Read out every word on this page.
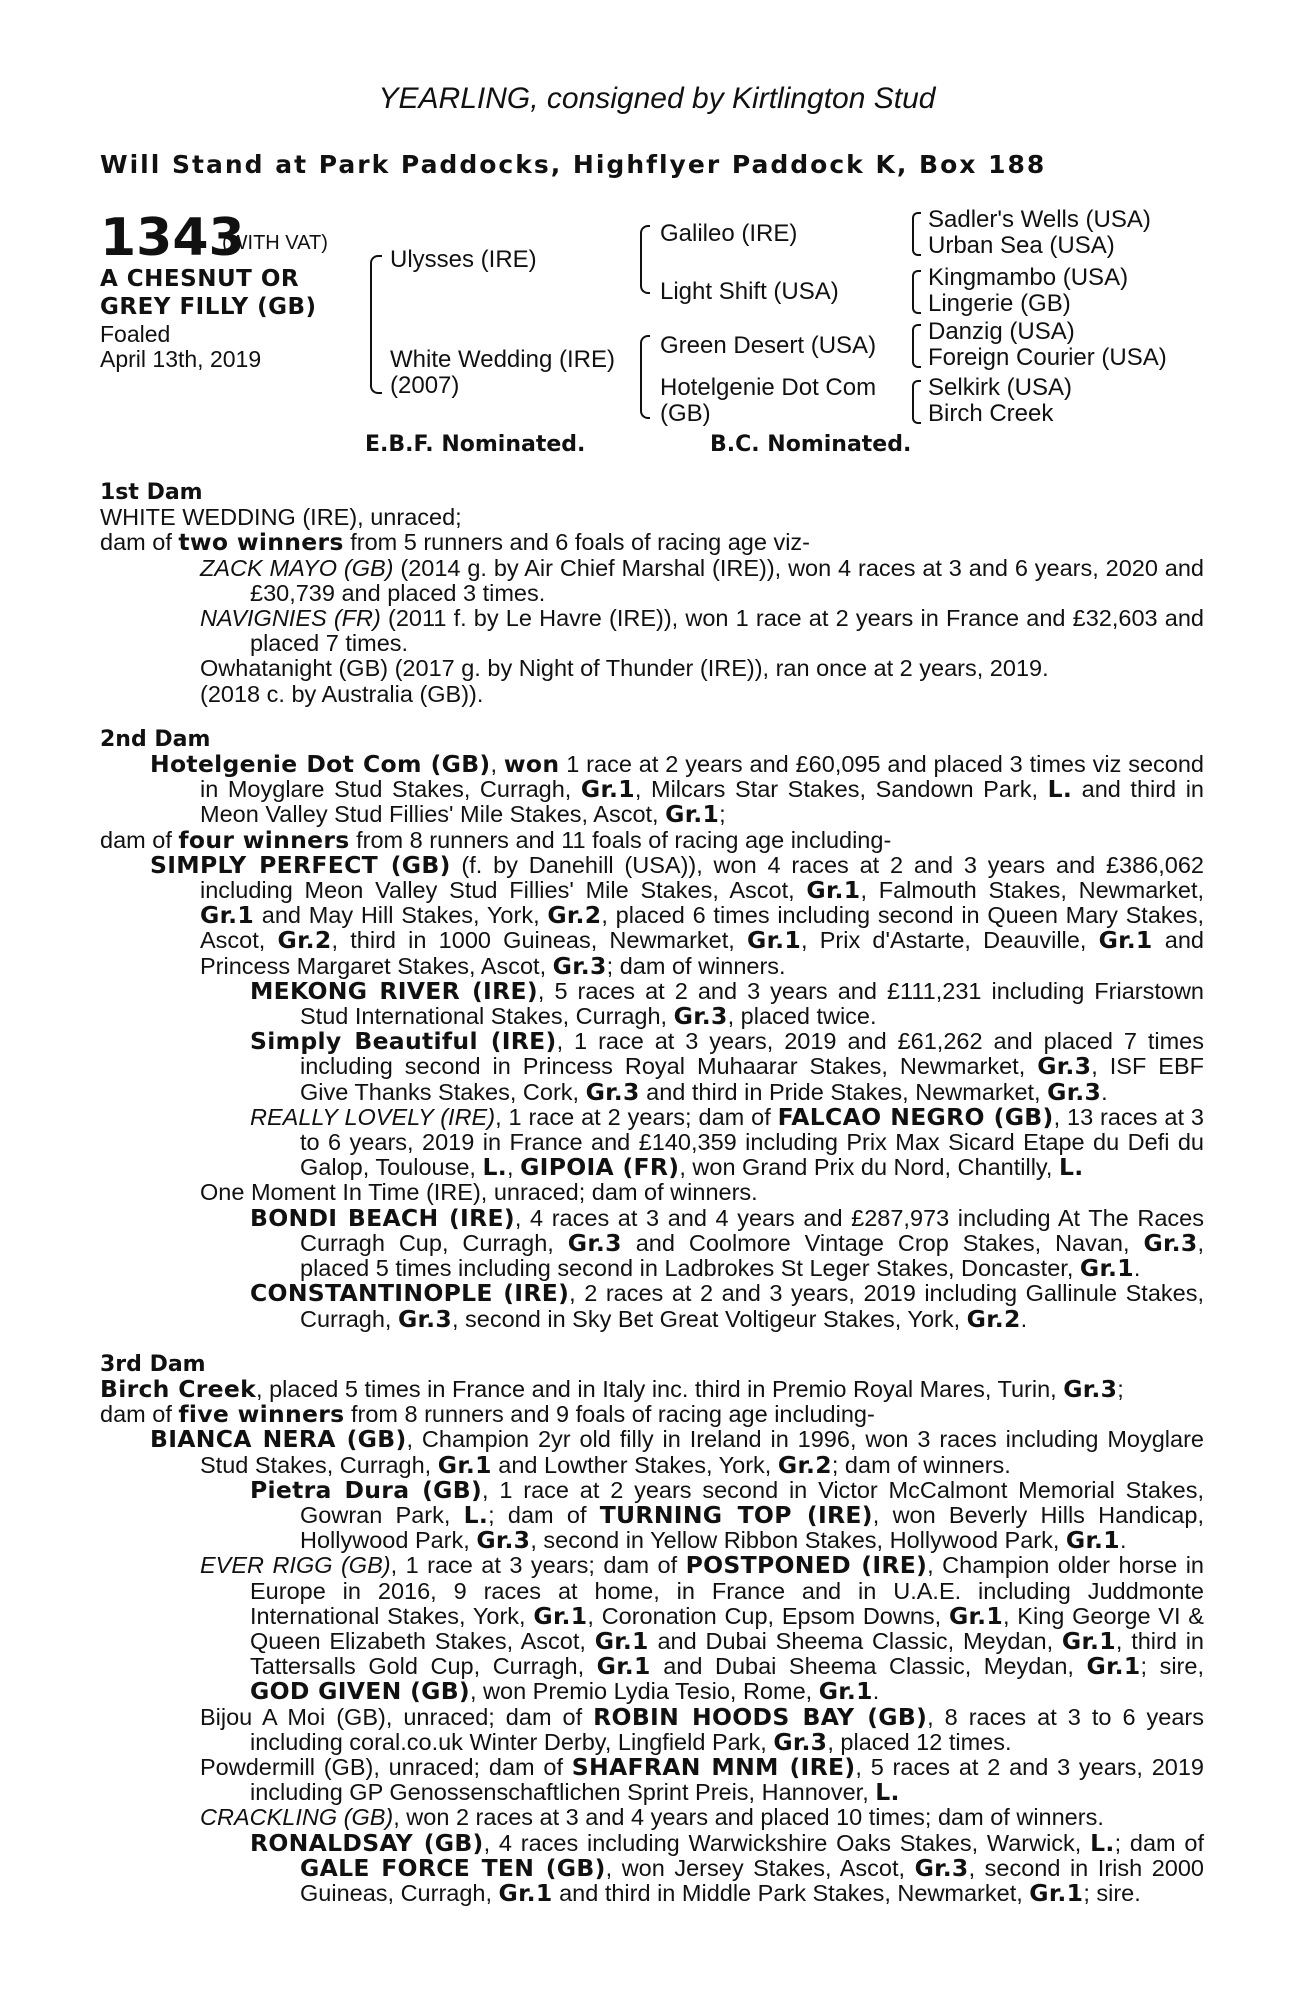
YEARLING, consigned by Kirtlington Stud
Will Stand at Park Paddocks, Highflyer Paddock K, Box 188
1343
(WITH VAT)
A CHESNUT OR
GREY FILLY (GB)
Foaled
April 13th, 2019
Ulysses (IRE)
White Wedding (IRE)
(2007)
Galileo (IRE)
Light Shift (USA)
Green Desert (USA)
Hotelgenie Dot Com
(GB)
Sadler's Wells (USA)
Urban Sea (USA)
Kingmambo (USA)
Lingerie (GB)
Danzig (USA)
Foreign Courier (USA)
Selkirk (USA)
Birch Creek
E.B.F. Nominated.	B.C. Nominated.

1st Dam

WHITE WEDDING (IRE), unraced;

dam of two winners from 5 runners and 6 foals of racing age viz-

ZACK MAYO (GB) (2014 g. by Air Chief Marshal (IRE)), won 4 races at 3 and 6 years, 2020 and £30,739 and placed 3 times.

NAVIGNIES (FR) (2011 f. by Le Havre (IRE)), won 1 race at 2 years in France and £32,603 and placed 7 times.

Owhatanight (GB) (2017 g. by Night of Thunder (IRE)), ran once at 2 years, 2019.

(2018 c. by Australia (GB)).

2nd Dam

Hotelgenie Dot Com (GB), won 1 race at 2 years and £60,095 and placed 3 times viz second in Moyglare Stud Stakes, Curragh, Gr.1, Milcars Star Stakes, Sandown Park, L. and third in Meon Valley Stud Fillies' Mile Stakes, Ascot, Gr.1;

dam of four winners from 8 runners and 11 foals of racing age including-

SIMPLY PERFECT (GB) (f. by Danehill (USA)), won 4 races at 2 and 3 years and £386,062 including Meon Valley Stud Fillies' Mile Stakes, Ascot, Gr.1, Falmouth Stakes, Newmarket, Gr.1 and May Hill Stakes, York, Gr.2, placed 6 times including second in Queen Mary Stakes, Ascot, Gr.2, third in 1000 Guineas, Newmarket, Gr.1, Prix d'Astarte, Deauville, Gr.1 and Princess Margaret Stakes, Ascot, Gr.3; dam of winners.

MEKONG RIVER (IRE), 5 races at 2 and 3 years and £111,231 including Friarstown Stud International Stakes, Curragh, Gr.3, placed twice.

Simply Beautiful (IRE), 1 race at 3 years, 2019 and £61,262 and placed 7 times including second in Princess Royal Muhaarar Stakes, Newmarket, Gr.3, ISF EBF Give Thanks Stakes, Cork, Gr.3 and third in Pride Stakes, Newmarket, Gr.3.

REALLY LOVELY (IRE), 1 race at 2 years; dam of FALCAO NEGRO (GB), 13 races at 3 to 6 years, 2019 in France and £140,359 including Prix Max Sicard Etape du Defi du Galop, Toulouse, L., GIPOIA (FR), won Grand Prix du Nord, Chantilly, L.

One Moment In Time (IRE), unraced; dam of winners.

BONDI BEACH (IRE), 4 races at 3 and 4 years and £287,973 including At The Races Curragh Cup, Curragh, Gr.3 and Coolmore Vintage Crop Stakes, Navan, Gr.3, placed 5 times including second in Ladbrokes St Leger Stakes, Doncaster, Gr.1.

CONSTANTINOPLE (IRE), 2 races at 2 and 3 years, 2019 including Gallinule Stakes, Curragh, Gr.3, second in Sky Bet Great Voltigeur Stakes, York, Gr.2.

3rd Dam

Birch Creek, placed 5 times in France and in Italy inc. third in Premio Royal Mares, Turin, Gr.3;

dam of five winners from 8 runners and 9 foals of racing age including-

BIANCA NERA (GB), Champion 2yr old filly in Ireland in 1996, won 3 races including Moyglare Stud Stakes, Curragh, Gr.1 and Lowther Stakes, York, Gr.2; dam of winners.

Pietra Dura (GB), 1 race at 2 years second in Victor McCalmont Memorial Stakes, Gowran Park, L.; dam of TURNING TOP (IRE), won Beverly Hills Handicap, Hollywood Park, Gr.3, second in Yellow Ribbon Stakes, Hollywood Park, Gr.1.

EVER RIGG (GB), 1 race at 3 years; dam of POSTPONED (IRE), Champion older horse in Europe in 2016, 9 races at home, in France and in U.A.E. including Juddmonte International Stakes, York, Gr.1, Coronation Cup, Epsom Downs, Gr.1, King George VI & Queen Elizabeth Stakes, Ascot, Gr.1 and Dubai Sheema Classic, Meydan, Gr.1, third in Tattersalls Gold Cup, Curragh, Gr.1 and Dubai Sheema Classic, Meydan, Gr.1; sire, GOD GIVEN (GB), won Premio Lydia Tesio, Rome, Gr.1.

Bijou A Moi (GB), unraced; dam of ROBIN HOODS BAY (GB), 8 races at 3 to 6 years including coral.co.uk Winter Derby, Lingfield Park, Gr.3, placed 12 times.

Powdermill (GB), unraced; dam of SHAFRAN MNM (IRE), 5 races at 2 and 3 years, 2019 including GP Genossenschaftlichen Sprint Preis, Hannover, L.

CRACKLING (GB), won 2 races at 3 and 4 years and placed 10 times; dam of winners.

RONALDSAY (GB), 4 races including Warwickshire Oaks Stakes, Warwick, L.; dam of GALE FORCE TEN (GB), won Jersey Stakes, Ascot, Gr.3, second in Irish 2000 Guineas, Curragh, Gr.1 and third in Middle Park Stakes, Newmarket, Gr.1; sire.
